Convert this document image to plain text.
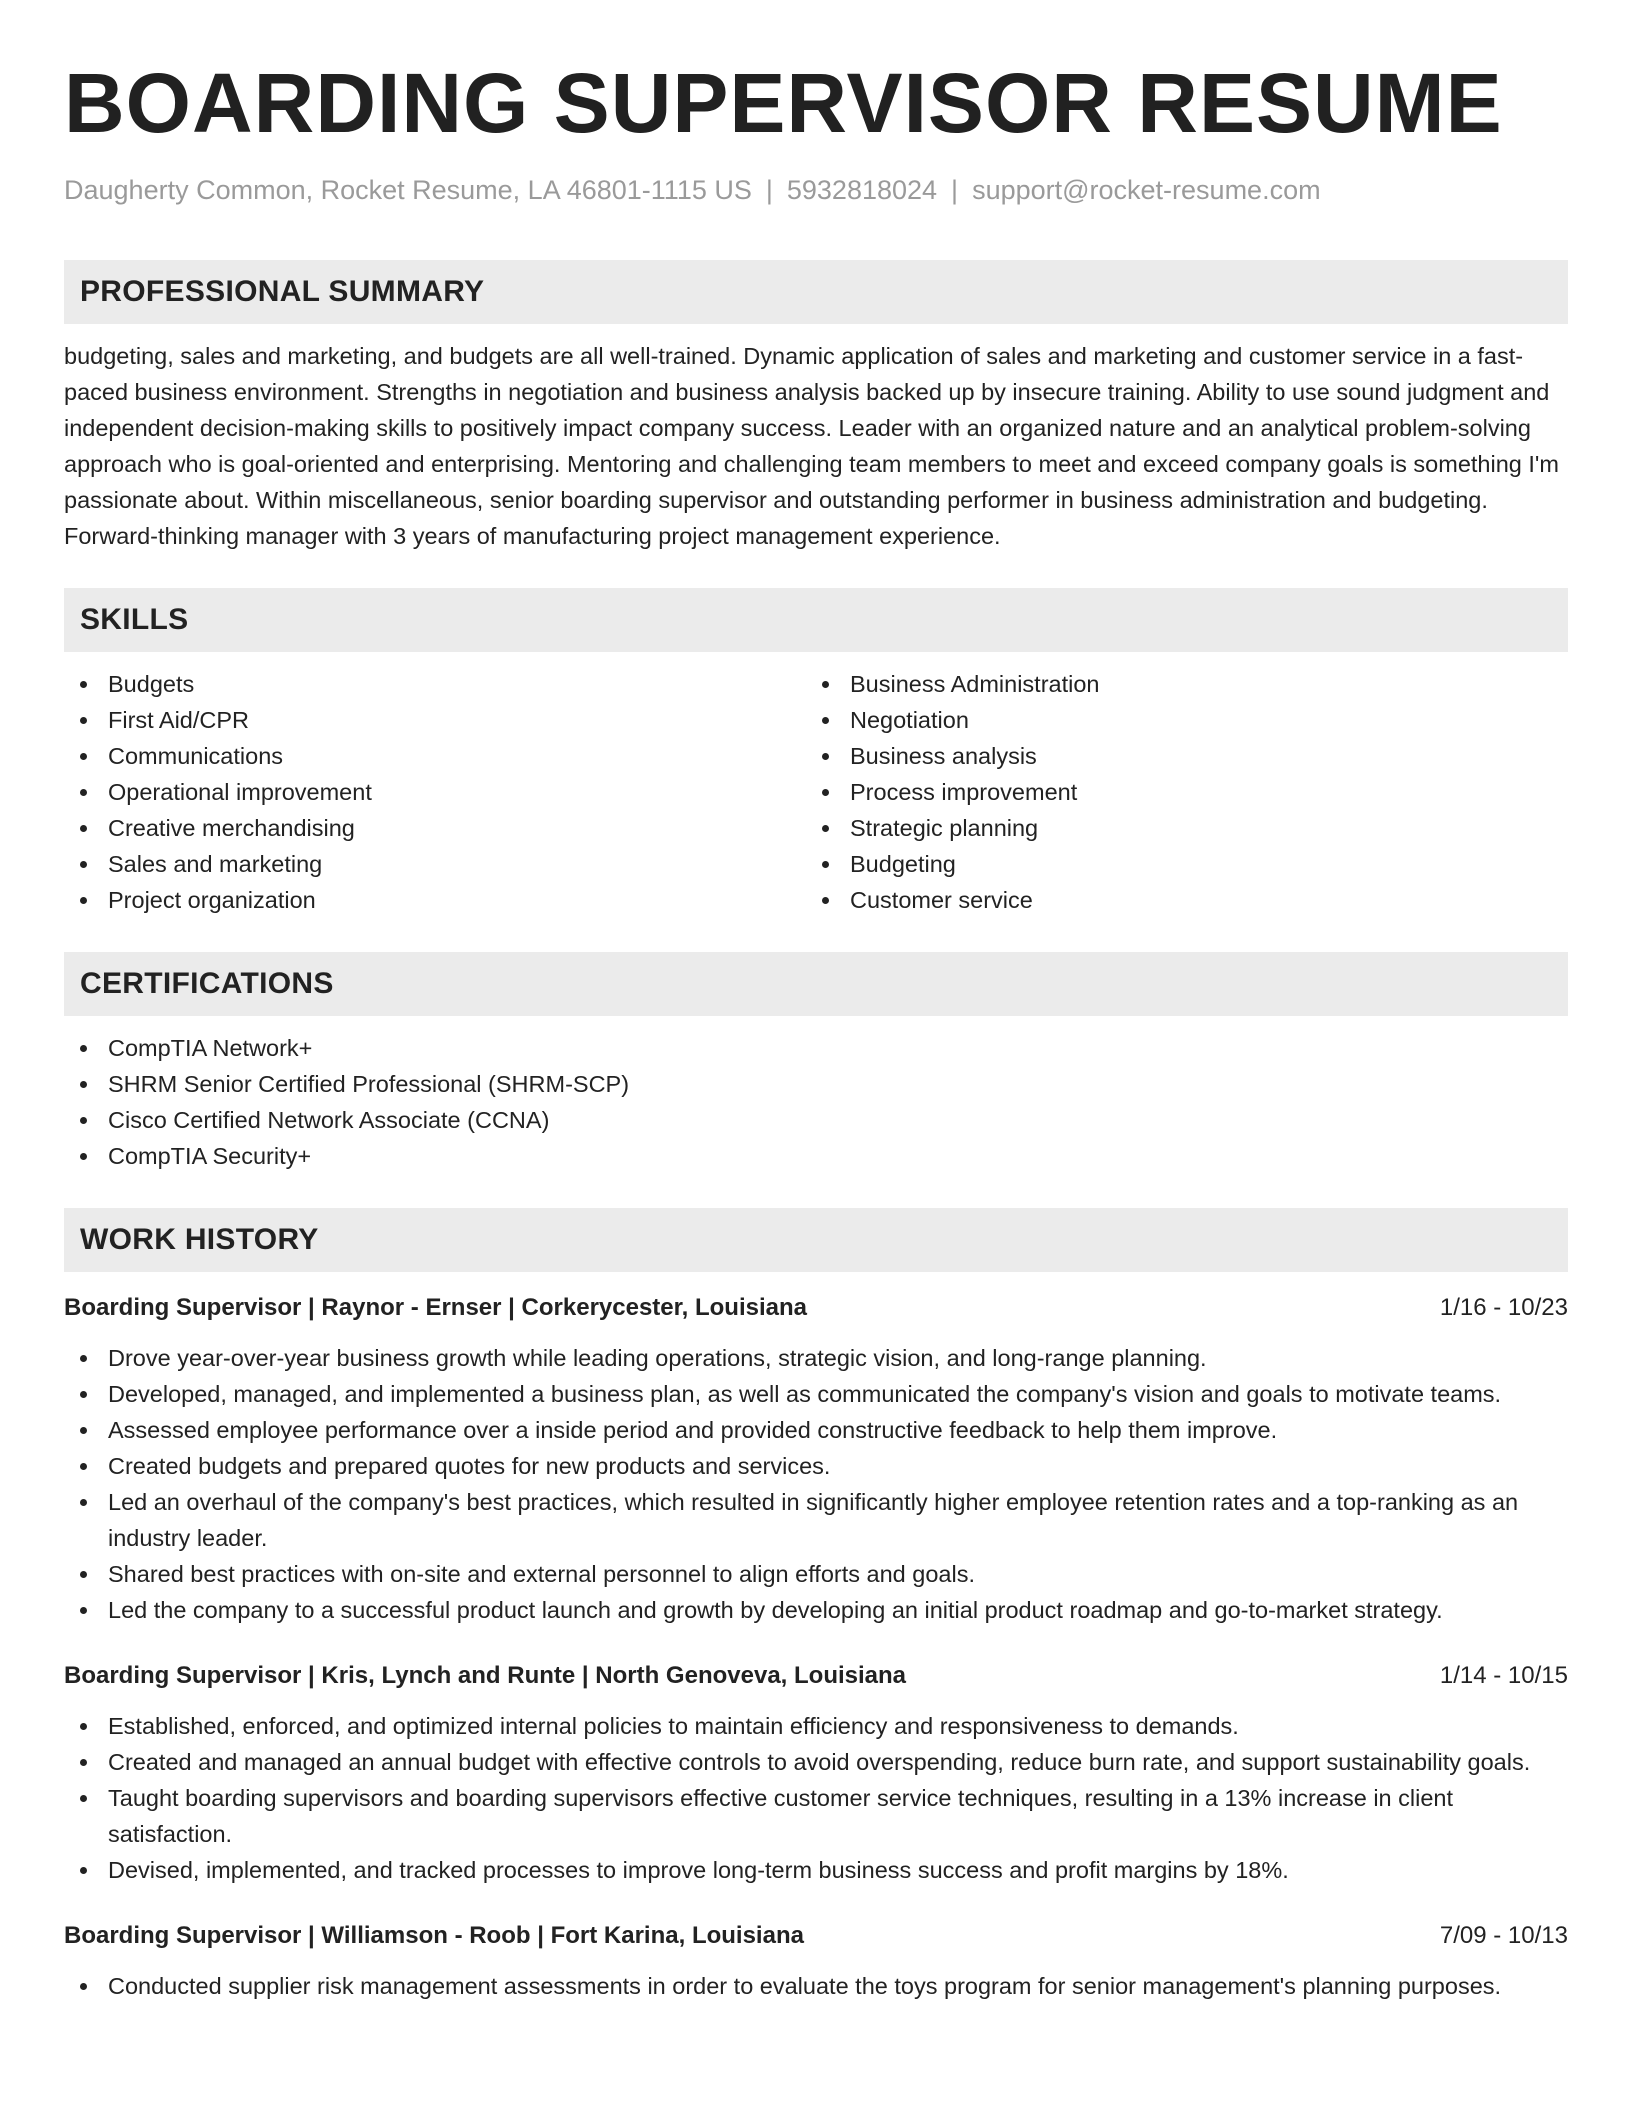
BOARDING SUPERVISOR RESUME
Daugherty Common, Rocket Resume, LA 46801-1115 US | 5932818024 | support@rocket-resume.com
PROFESSIONAL SUMMARY

budgeting, sales and marketing, and budgets are all well-trained. Dynamic application of sales and marketing and customer service in a fast-paced business environment. Strengths in negotiation and business analysis backed up by insecure training. Ability to use sound judgment and independent decision-making skills to positively impact company success. Leader with an organized nature and an analytical problem-solving approach who is goal-oriented and enterprising. Mentoring and challenging team members to meet and exceed company goals is something I'm passionate about. Within miscellaneous, senior boarding supervisor and outstanding performer in business administration and budgeting. Forward-thinking manager with 3 years of manufacturing project management experience.

SKILLS
Budgets
First Aid/CPR
Communications
Operational improvement
Creative merchandising
Sales and marketing
Project organization
Business Administration
Negotiation
Business analysis
Process improvement
Strategic planning
Budgeting
Customer service
CERTIFICATIONS
CompTIA Network+
SHRM Senior Certified Professional (SHRM-SCP)
Cisco Certified Network Associate (CCNA)
CompTIA Security+
WORK HISTORY
Boarding Supervisor | Raynor - Ernser | Corkerycester, Louisiana	1/16 - 10/23
Drove year-over-year business growth while leading operations, strategic vision, and long-range planning.
Developed, managed, and implemented a business plan, as well as communicated the company's vision and goals to motivate teams.
Assessed employee performance over a inside period and provided constructive feedback to help them improve.
Created budgets and prepared quotes for new products and services.
Led an overhaul of the company's best practices, which resulted in significantly higher employee retention rates and a top-ranking as an industry leader.
Shared best practices with on-site and external personnel to align efforts and goals.
Led the company to a successful product launch and growth by developing an initial product roadmap and go-to-market strategy.
Boarding Supervisor | Kris, Lynch and Runte | North Genoveva, Louisiana	1/14 - 10/15
Established, enforced, and optimized internal policies to maintain efficiency and responsiveness to demands.
Created and managed an annual budget with effective controls to avoid overspending, reduce burn rate, and support sustainability goals.
Taught boarding supervisors and boarding supervisors effective customer service techniques, resulting in a 13% increase in client satisfaction.
Devised, implemented, and tracked processes to improve long-term business success and profit margins by 18%.
Boarding Supervisor | Williamson - Roob | Fort Karina, Louisiana	7/09 - 10/13
Conducted supplier risk management assessments in order to evaluate the toys program for senior management's planning purposes.
